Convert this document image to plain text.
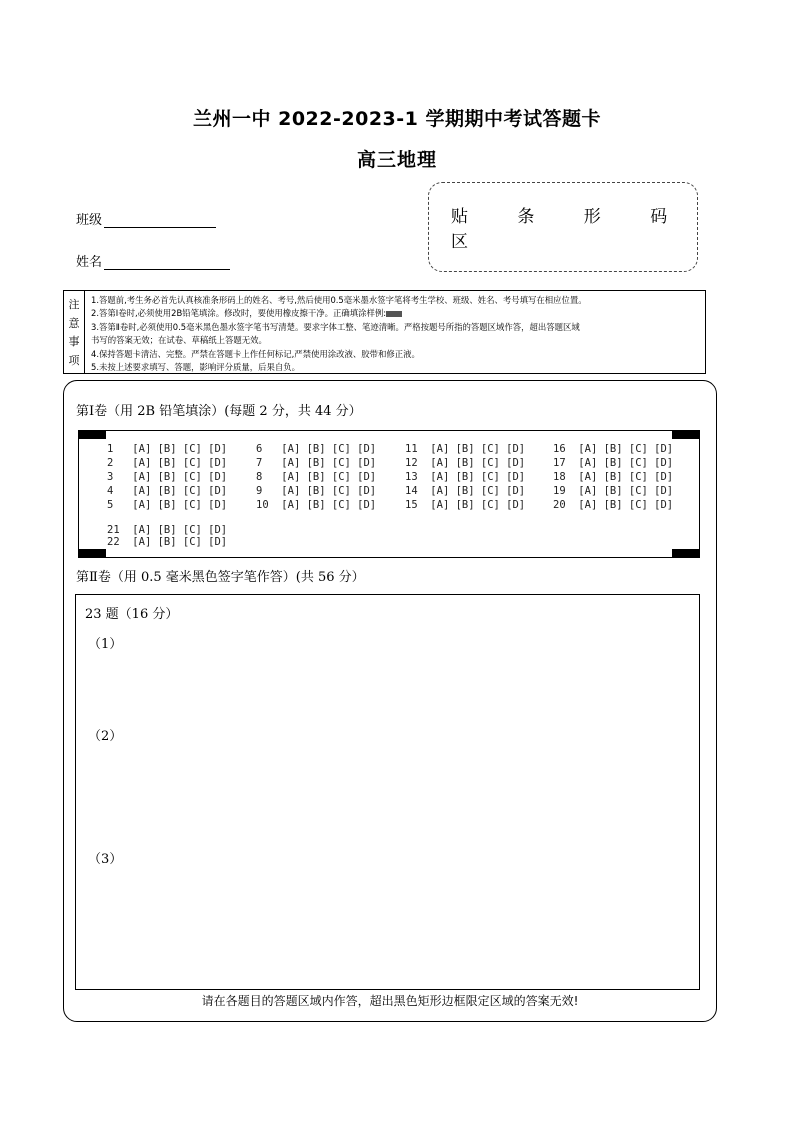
兰州一中 2022-2023-1 学期期中考试答题卡
高三地理
班级
姓名
贴 条 形 码 区
注
意
事
项
1.答题前,考生务必首先认真核准条形码上的姓名、考号,然后使用0.5毫米墨水签字笔将考生学校、班级、姓名、考号填写在相应位置。
2.答第Ⅰ卷时,必须使用2B铅笔填涂。修改时，要使用橡皮擦干净。正确填涂样例:
3.答第Ⅱ卷时,必须使用0.5毫米黑色墨水签字笔书写清楚。要求字体工整、笔迹清晰。严格按题号所指的答题区域作答，超出答题区域
书写的答案无效；在试卷、草稿纸上答题无效。
4.保持答题卡清洁、完整。严禁在答题卡上作任何标记,严禁使用涂改液、胶带和修正液。
5.未按上述要求填写、答题，影响评分质量，后果自负。
第Ⅰ卷（用 2B 铅笔填涂）(每题 2 分，共 44 分）
1   [A] [B] [C] [D]
2   [A] [B] [C] [D]
3   [A] [B] [C] [D]
4   [A] [B] [C] [D]
5   [A] [B] [C] [D]
6   [A] [B] [C] [D]
7   [A] [B] [C] [D]
8   [A] [B] [C] [D]
9   [A] [B] [C] [D]
10  [A] [B] [C] [D]
11  [A] [B] [C] [D]
12  [A] [B] [C] [D]
13  [A] [B] [C] [D]
14  [A] [B] [C] [D]
15  [A] [B] [C] [D]
16  [A] [B] [C] [D]
17  [A] [B] [C] [D]
18  [A] [B] [C] [D]
19  [A] [B] [C] [D]
20  [A] [B] [C] [D]
21  [A] [B] [C] [D]
22  [A] [B] [C] [D]
第Ⅱ卷（用 0.5 毫米黑色签字笔作答）(共 56 分）
23 题（16 分）
（1）
（2）
（3）
请在各题目的答题区域内作答，超出黑色矩形边框限定区域的答案无效!
